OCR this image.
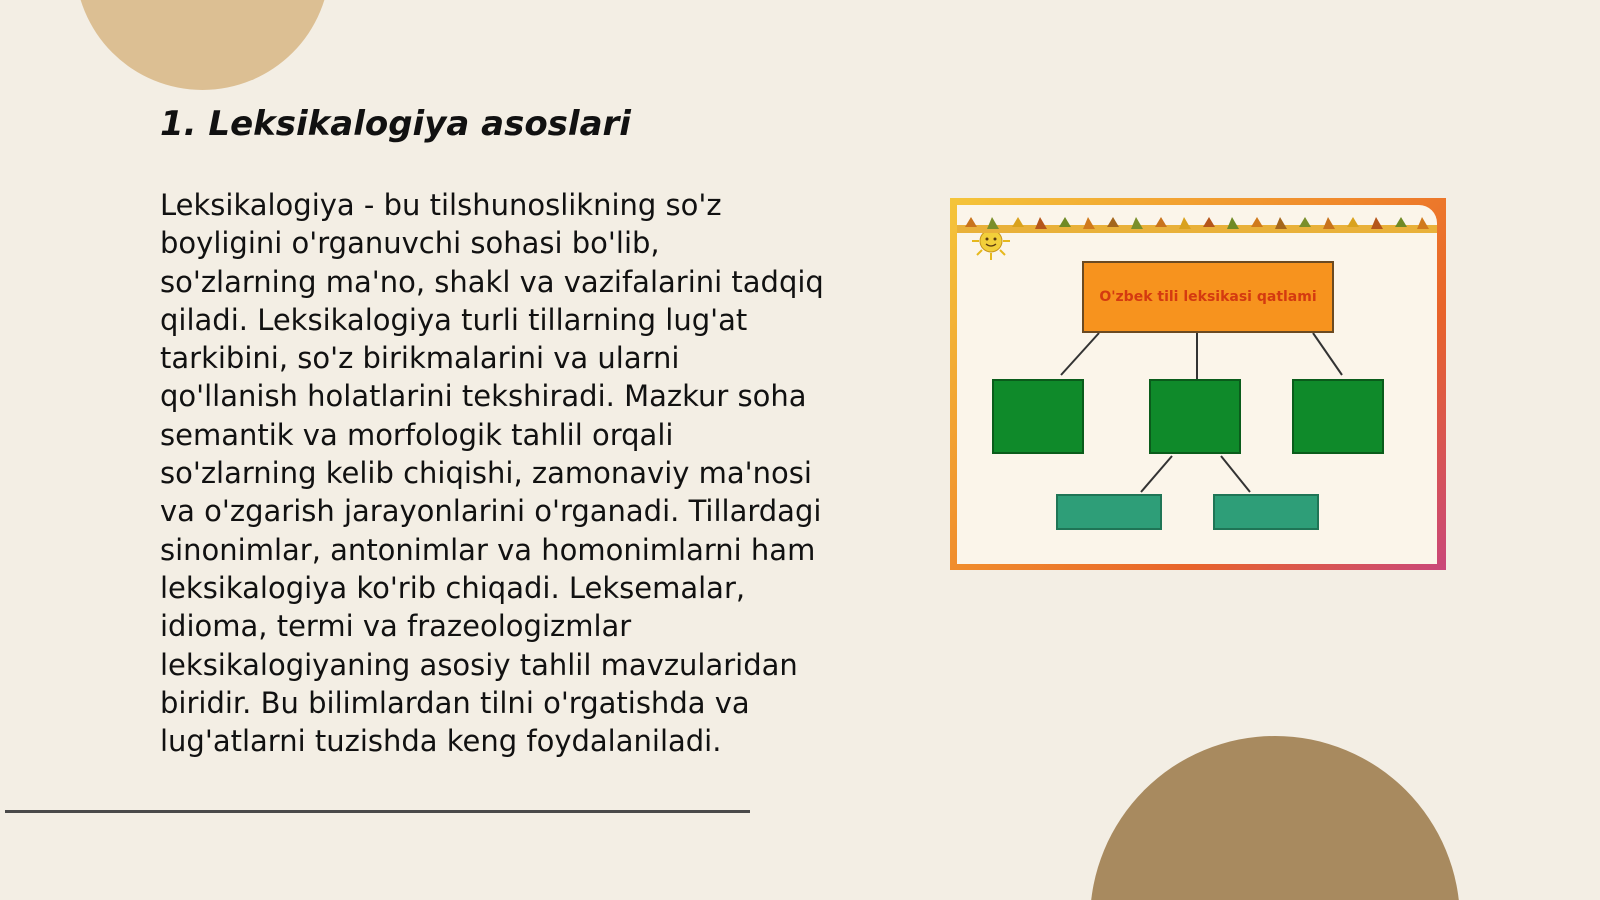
1. Leksikalogiya asoslari

Leksikalogiya - bu tilshunoslikning so'z
boyligini o'rganuvchi sohasi bo'lib,
so'zlarning ma'no, shakl va vazifalarini tadqiq
qiladi. Leksikalogiya turli tillarning lug'at
tarkibini, so'z birikmalarini va ularni
qo'llanish holatlarini tekshiradi. Mazkur soha
semantik va morfologik tahlil orqali
so'zlarning kelib chiqishi, zamonaviy ma'nosi
va o'zgarish jarayonlarini o'rganadi. Tillardagi
sinonimlar, antonimlar va homonimlarni ham
leksikalogiya ko'rib chiqadi. Leksemalar,
idioma, termi va frazeologizmlar
leksikalogiyaning asosiy tahlil mavzularidan
biridir. Bu bilimlardan tilni o'rgatishda va
lug'atlarni tuzishda keng foydalaniladi.

O'zbek tili leksikasi qatlami
